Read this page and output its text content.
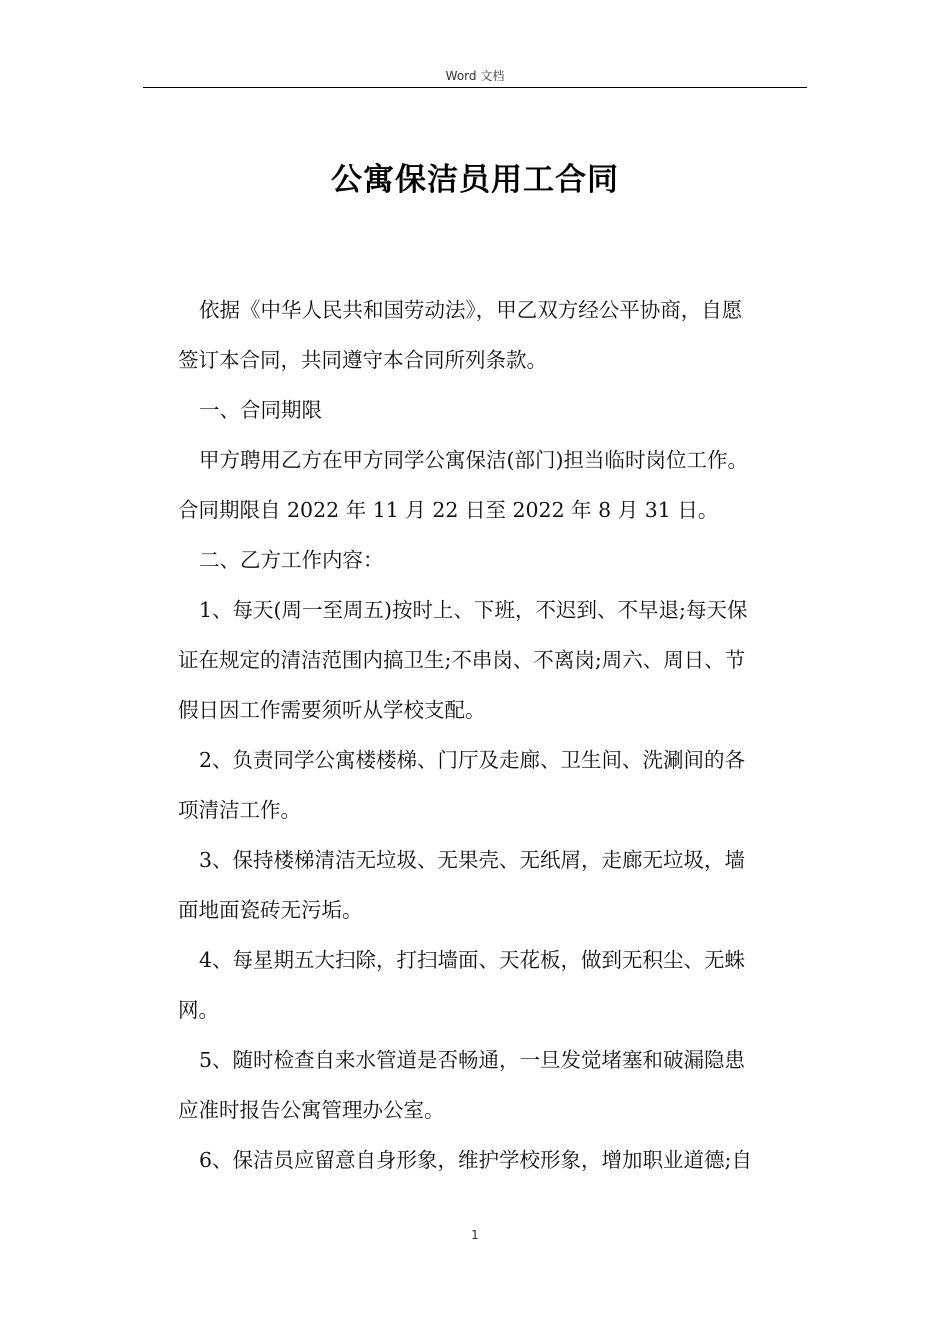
Word 文档
公寓保洁员用工合同

依据《中华人民共和国劳动法》，甲乙双方经公平协商，自愿

签订本合同，共同遵守本合同所列条款。

一、合同期限

甲方聘用乙方在甲方同学公寓保洁(部门)担当临时岗位工作。

合同期限自 2022 年 11 月 22 日至 2022 年 8 月 31 日。

二、乙方工作内容：

1、每天(周一至周五)按时上、下班，不迟到、不早退;每天保

证在规定的清洁范围内搞卫生;不串岗、不离岗;周六、周日、节

假日因工作需要须听从学校支配。

2、负责同学公寓楼楼梯、门厅及走廊、卫生间、洗涮间的各

项清洁工作。

3、保持楼梯清洁无垃圾、无果壳、无纸屑，走廊无垃圾，墙

面地面瓷砖无污垢。

4、每星期五大扫除，打扫墙面、天花板，做到无积尘、无蛛

网。

5、随时检查自来水管道是否畅通，一旦发觉堵塞和破漏隐患

应准时报告公寓管理办公室。

6、保洁员应留意自身形象，维护学校形象，增加职业道德;自

1
